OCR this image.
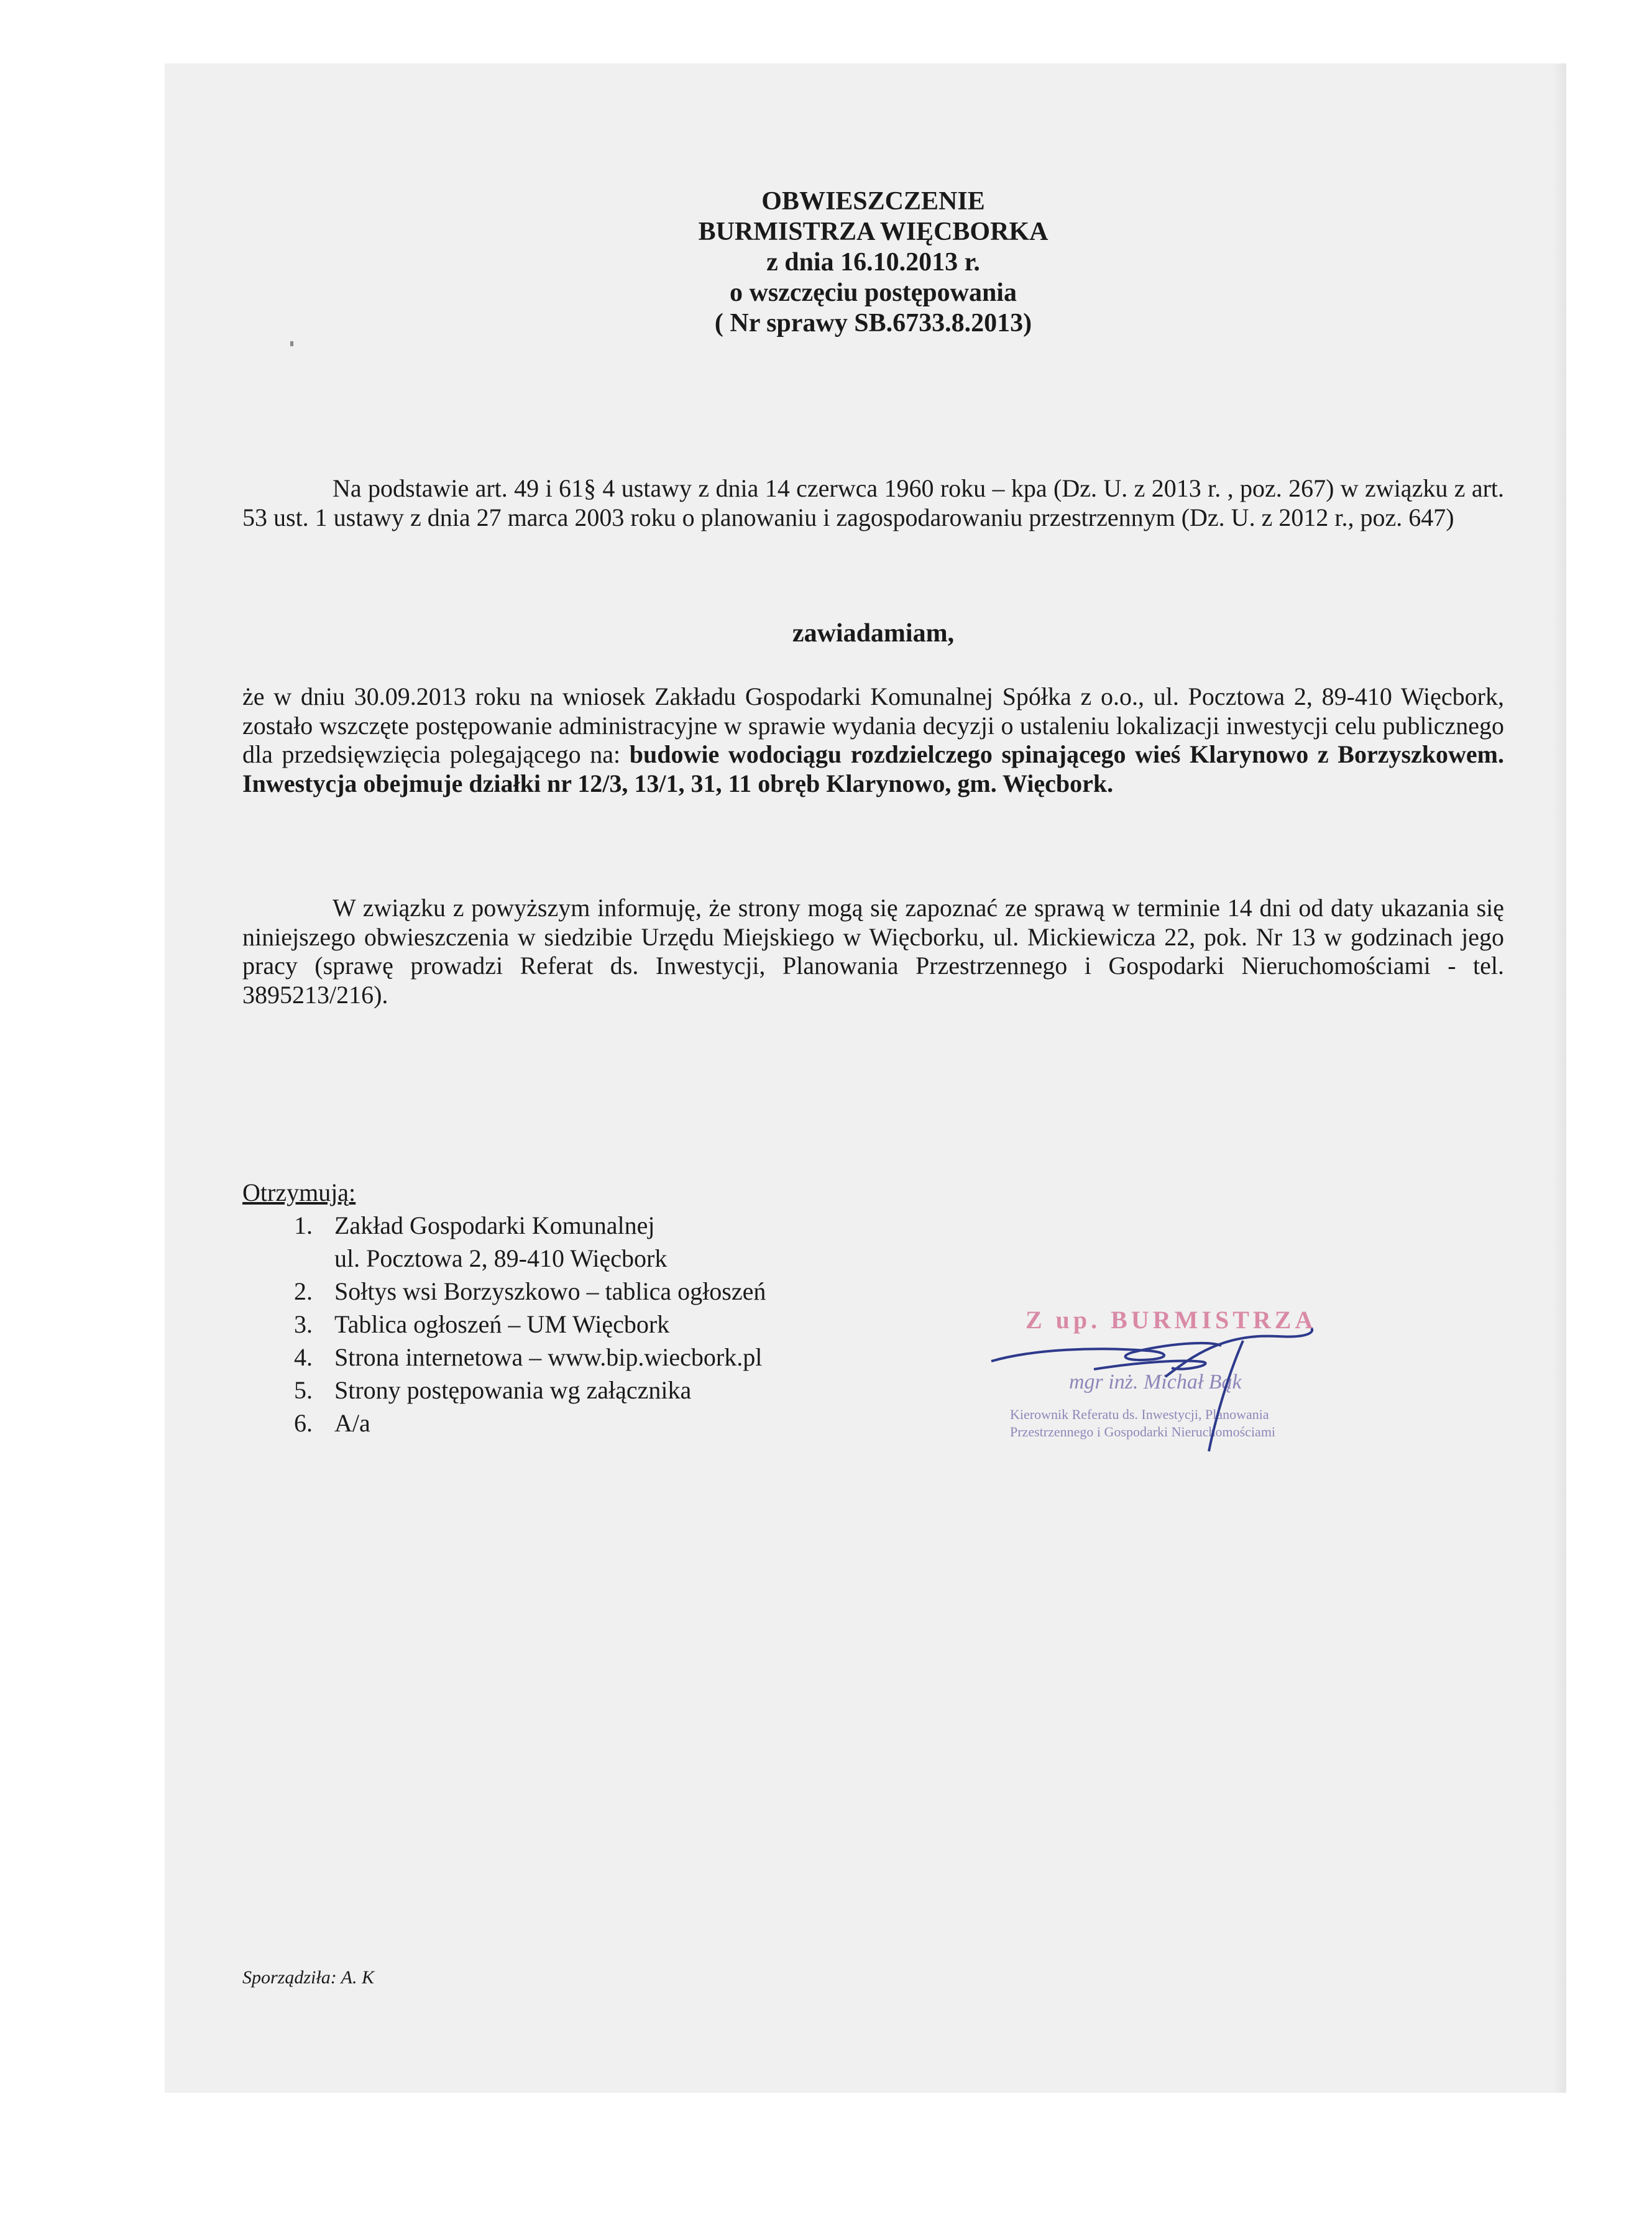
OBWIESZCZENIE
BURMISTRZA WIĘCBORKA
z dnia 16.10.2013 r.
o wszczęciu postępowania
( Nr sprawy SB.6733.8.2013)
Na podstawie art. 49 i 61§ 4 ustawy z dnia 14 czerwca 1960 roku – kpa (Dz. U. z 2013 r. , poz. 267) w związku z art. 53 ust. 1 ustawy z dnia 27 marca 2003 roku o planowaniu i zagospodarowaniu przestrzennym (Dz. U. z 2012 r., poz. 647)
zawiadamiam,
że w dniu 30.09.2013 roku na wniosek Zakładu Gospodarki Komunalnej Spółka z o.o., ul. Pocztowa 2, 89-410 Więcbork, zostało wszczęte postępowanie administracyjne w sprawie wydania decyzji o ustaleniu lokalizacji inwestycji celu publicznego dla przedsięwzięcia polegającego na: budowie wodociągu rozdzielczego spinającego wieś Klarynowo z Borzyszkowem. Inwestycja obejmuje działki nr 12/3, 13/1, 31, 11 obręb Klarynowo, gm. Więcbork.
W związku z powyższym informuję, że strony mogą się zapoznać ze sprawą w terminie 14 dni od daty ukazania się niniejszego obwieszczenia w siedzibie Urzędu Miejskiego w Więcborku, ul. Mickiewicza 22, pok. Nr 13 w godzinach jego pracy (sprawę prowadzi Referat ds. Inwestycji, Planowania Przestrzennego i Gospodarki Nieruchomościami - tel. 3895213/216).
Otrzymują:
1. Zakład Gospodarki Komunalnej
ul. Pocztowa 2, 89-410 Więcbork
2. Sołtys wsi Borzyszkowo – tablica ogłoszeń
3. Tablica ogłoszeń – UM Więcbork
4. Strona internetowa – www.bip.wiecbork.pl
5. Strony postępowania wg załącznika
6. A/a
Z up. BURMISTRZA
mgr inż. Michał Bąk
Kierownik Referatu ds. Inwestycji, Planowania
Przestrzennego i Gospodarki Nieruchomościami
Sporządziła: A. K
